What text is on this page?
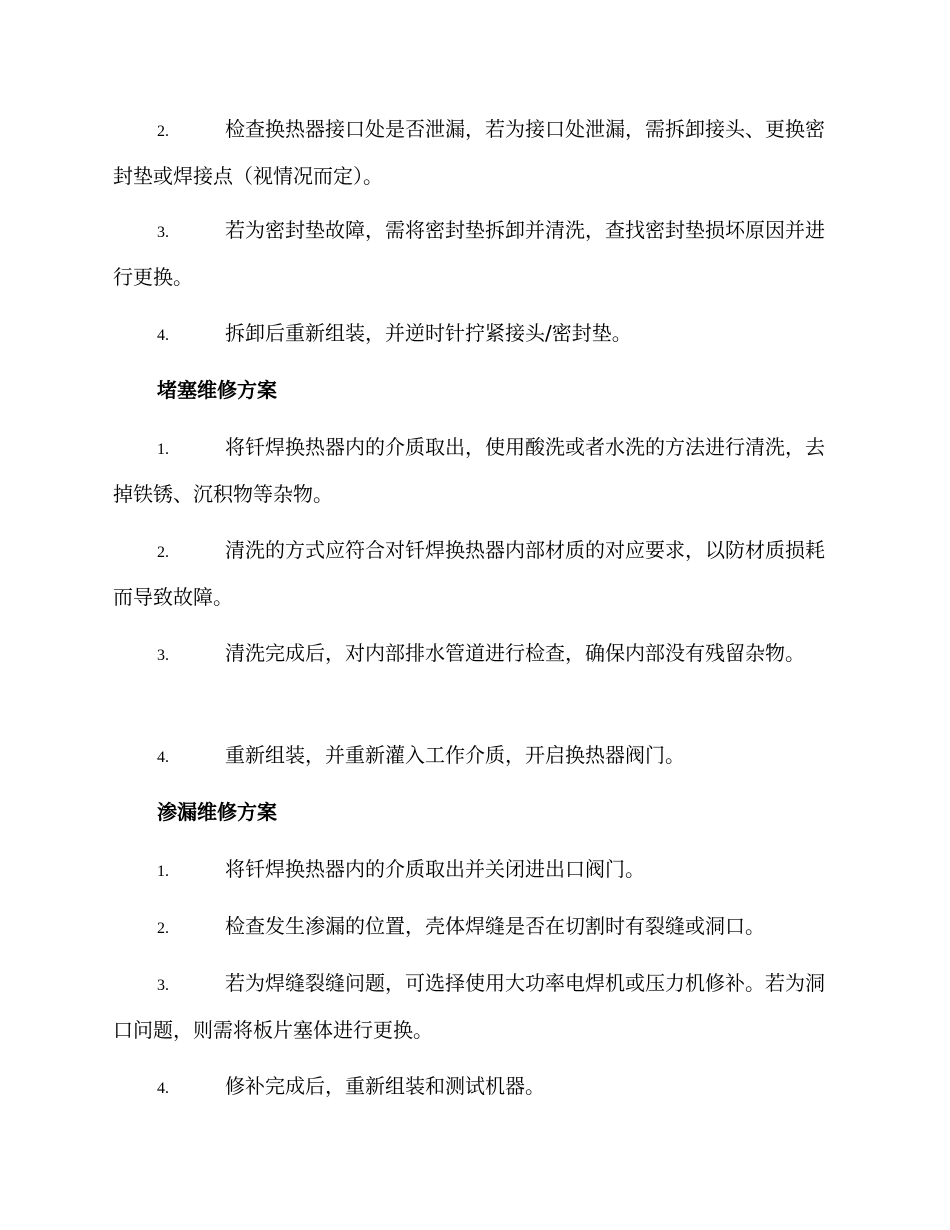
2.	检查换热器接口处是否泄漏，若为接口处泄漏，需拆卸接头、更换密封垫或焊接点（视情况而定）。
3.	若为密封垫故障，需将密封垫拆卸并清洗，查找密封垫损坏原因并进行更换。
4.	拆卸后重新组装，并逆时针拧紧接头/密封垫。
堵塞维修方案
1.	将钎焊换热器内的介质取出，使用酸洗或者水洗的方法进行清洗，去掉铁锈、沉积物等杂物。
2.	清洗的方式应符合对钎焊换热器内部材质的对应要求，以防材质损耗而导致故障。
3.	清洗完成后，对内部排水管道进行检查，确保内部没有残留杂物。
4.	重新组装，并重新灌入工作介质，开启换热器阀门。
渗漏维修方案
1.	将钎焊换热器内的介质取出并关闭进出口阀门。
2.	检查发生渗漏的位置，壳体焊缝是否在切割时有裂缝或洞口。
3.	若为焊缝裂缝问题，可选择使用大功率电焊机或压力机修补。若为洞口问题，则需将板片塞体进行更换。
4.	修补完成后，重新组装和测试机器。
